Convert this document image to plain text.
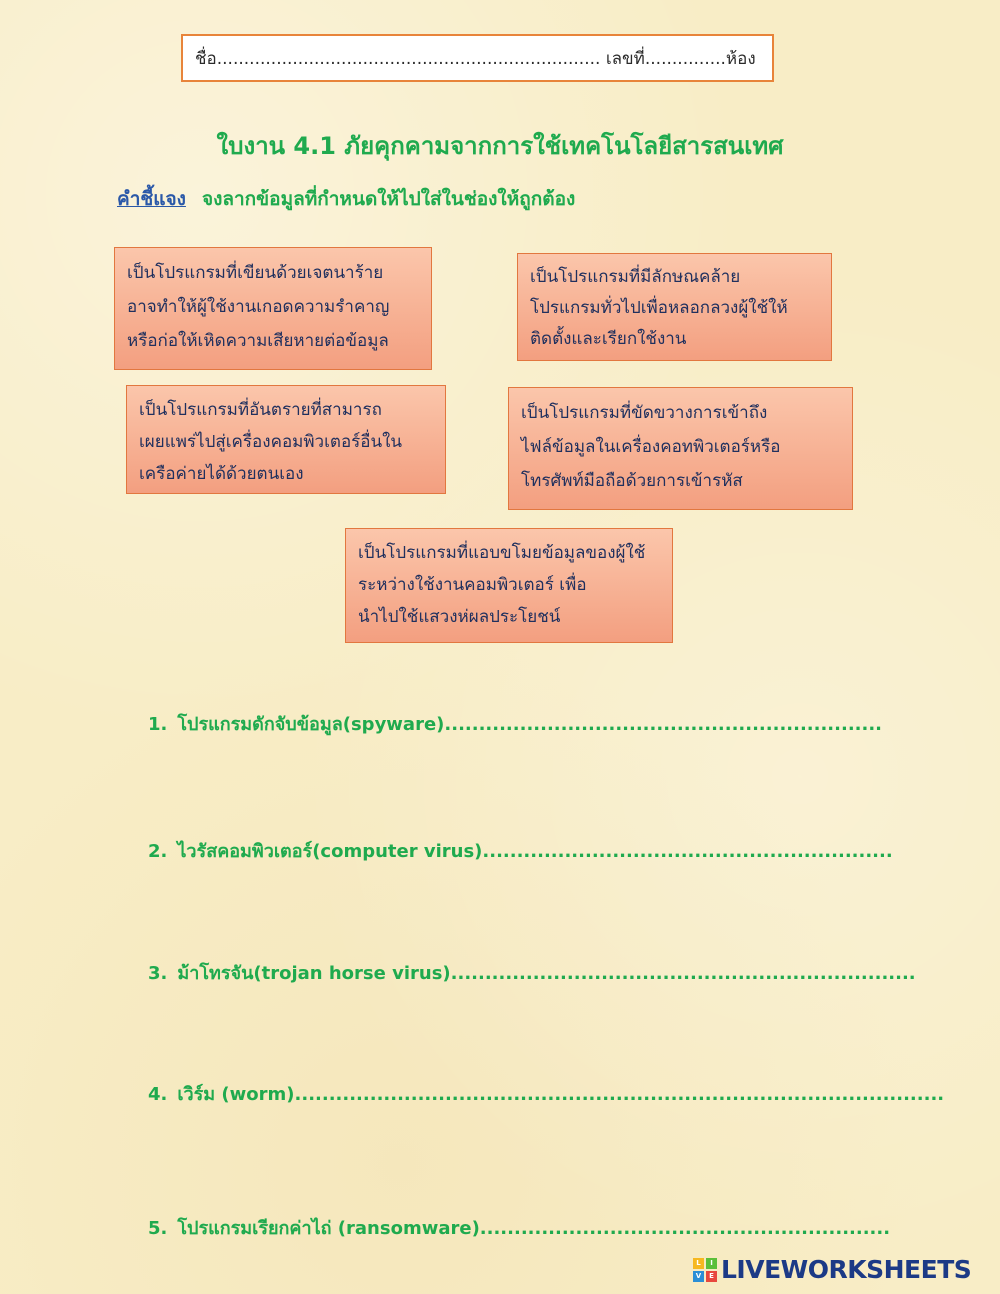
ชื่อ....................................................................... เลขที่...............ห้อง
ใบงาน 4.1 ภัยคุกคามจากการใช้เทคโนโลยีสารสนเทศ
คำชี้แจง จงลากข้อมูลที่กำหนดให้ไปใส่ในช่องให้ถูกต้อง
เป็นโปรแกรมที่เขียนด้วยเจตนาร้าย
อาจทำให้ผู้ใช้งานเกอดความรำคาญ
หรือก่อให้เหิดความเสียหายต่อข้อมูล
เป็นโปรแกรมที่มีลักษณคล้าย
โปรแกรมทั่วไปเพื่อหลอกลวงผู้ใช้ให้
ติดตั้งและเรียกใช้งาน
เป็นโปรแกรมที่อันตรายที่สามารถ
เผยแพร่ไปสู่เครื่องคอมพิวเตอร์อื่นใน
เครือค่ายได้ด้วยตนเอง
เป็นโปรแกรมที่ขัดขวางการเข้าถึง
ไฟล์ข้อมูลในเครื่องคอทพิวเตอร์หรือ
โทรศัพท์มือถือด้วยการเข้ารหัส
เป็นโปรแกรมที่แอบขโมยข้อมูลของผู้ใช้
ระหว่างใช้งานคอมพิวเตอร์ เพื่อ
นำไปใช้แสวงห่ผลประโยชน์
1. โปรแกรมดักจับข้อมูล(spyware)................................................................
2. ไวรัสคอมพิวเตอร์(computer virus)............................................................
3. ม้าโทรจัน(trojan horse virus)....................................................................
4. เวิร์ม (worm)...............................................................................................
5. โปรแกรมเรียกค่าไถ่ (ransomware)............................................................
L	I
V	E LIVEWORKSHEETS
